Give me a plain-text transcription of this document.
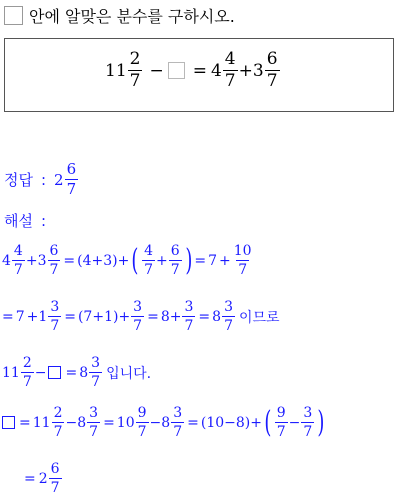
안에 알맞은 분수를 구하시오.
$11 \frac{2}{7}$ − = $4 \frac{4}{7} + 3 \frac{6}{7}$
정답 : $2 \frac{6}{7}$
해설 :
$4 \frac{4}{7} + 3 \frac{6}{7} = (4+3)$ + ( $\frac{4}{7} + \frac{6}{7}$ ) = $7 + \frac{10}{7}$
= $7 + 1 \frac{3}{7} = (7+1) + \frac{3}{7} = 8 + \frac{3}{7} = 8 \frac{3}{7}$ 이므로
$11 \frac{2}{7}$ − = $8 \frac{3}{7}$ 입니다.
= $11 \frac{2}{7} - 8 \frac{3}{7} = 10 \frac{9}{7} - 8 \frac{3}{7} = (10-8)$ + ( $\frac{9}{7} - \frac{3}{7}$ )
= $2 \frac{6}{7}$
